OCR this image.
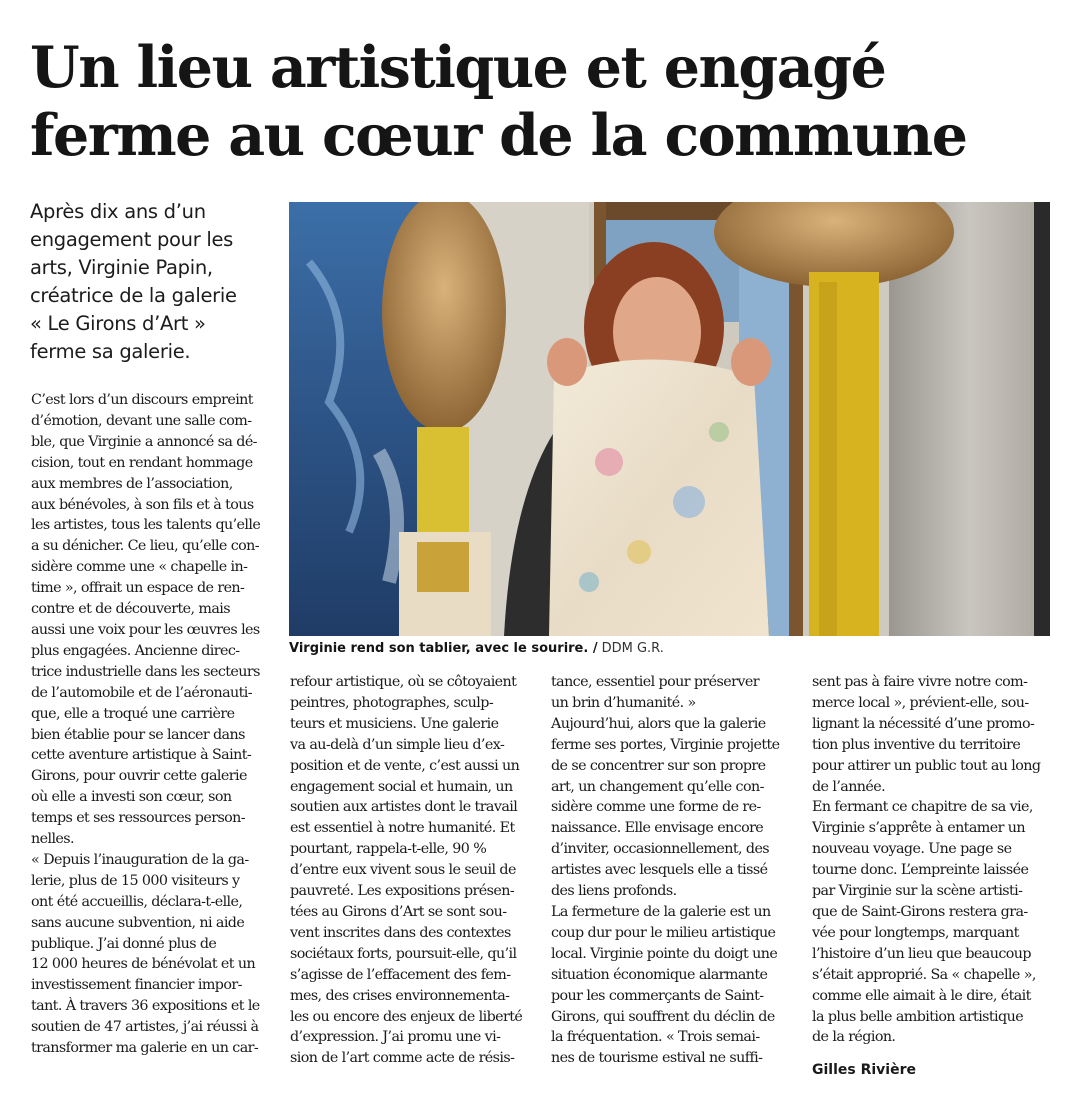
Un lieu artistique et engagé
ferme au cœur de la commune
Après dix ans d’un
engagement pour les
arts, Virginie Papin,
créatrice de la galerie
« Le Girons d’Art »
ferme sa galerie.
Virginie rend son tablier, avec le sourire. / DDM G.R.
C’est lors d’un discours empreint
d’émotion, devant une salle com-
ble, que Virginie a annoncé sa dé-
cision, tout en rendant hommage
aux membres de l’association,
aux bénévoles, à son fils et à tous
les artistes, tous les talents qu’elle
a su dénicher. Ce lieu, qu’elle con-
sidère comme une « chapelle in-
time », offrait un espace de ren-
contre et de découverte, mais
aussi une voix pour les œuvres les
plus engagées. Ancienne direc-
trice industrielle dans les secteurs
de l’automobile et de l’aéronauti-
que, elle a troqué une carrière
bien établie pour se lancer dans
cette aventure artistique à Saint-
Girons, pour ouvrir cette galerie
où elle a investi son cœur, son
temps et ses ressources person-
nelles.
« Depuis l’inauguration de la ga-
lerie, plus de 15 000 visiteurs y
ont été accueillis, déclara-t-elle,
sans aucune subvention, ni aide
publique. J’ai donné plus de
12 000 heures de bénévolat et un
investissement financier impor-
tant. À travers 36 expositions et le
soutien de 47 artistes, j’ai réussi à
transformer ma galerie en un car-
refour artistique, où se côtoyaient
peintres, photographes, sculp-
teurs et musiciens. Une galerie
va au-delà d’un simple lieu d’ex-
position et de vente, c’est aussi un
engagement social et humain, un
soutien aux artistes dont le travail
est essentiel à notre humanité. Et
pourtant, rappela-t-elle, 90 %
d’entre eux vivent sous le seuil de
pauvreté. Les expositions présen-
tées au Girons d’Art se sont sou-
vent inscrites dans des contextes
sociétaux forts, poursuit-elle, qu’il
s’agisse de l’effacement des fem-
mes, des crises environnementa-
les ou encore des enjeux de liberté
d’expression. J’ai promu une vi-
sion de l’art comme acte de résis-
tance, essentiel pour préserver
un brin d’humanité. »
Aujourd’hui, alors que la galerie
ferme ses portes, Virginie projette
de se concentrer sur son propre
art, un changement qu’elle con-
sidère comme une forme de re-
naissance. Elle envisage encore
d’inviter, occasionnellement, des
artistes avec lesquels elle a tissé
des liens profonds.
La fermeture de la galerie est un
coup dur pour le milieu artistique
local. Virginie pointe du doigt une
situation économique alarmante
pour les commerçants de Saint-
Girons, qui souffrent du déclin de
la fréquentation. « Trois semai-
nes de tourisme estival ne suffi-
sent pas à faire vivre notre com-
merce local », prévient-elle, sou-
lignant la nécessité d’une promo-
tion plus inventive du territoire
pour attirer un public tout au long
de l’année.
En fermant ce chapitre de sa vie,
Virginie s’apprête à entamer un
nouveau voyage. Une page se
tourne donc. L’empreinte laissée
par Virginie sur la scène artisti-
que de Saint-Girons restera gra-
vée pour longtemps, marquant
l’histoire d’un lieu que beaucoup
s’était approprié. Sa « chapelle »,
comme elle aimait à le dire, était
la plus belle ambition artistique
de la région.
Gilles Rivière
